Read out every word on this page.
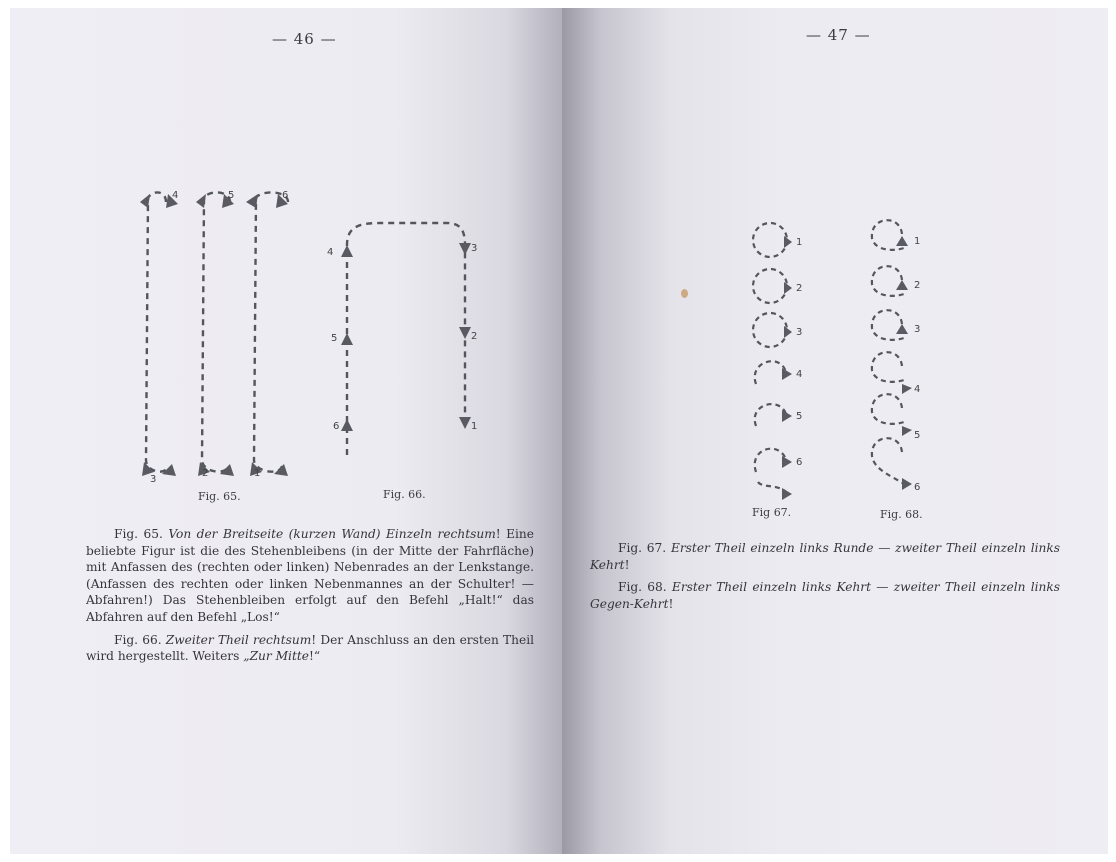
— 46 —
4	5	6
3
2	1
Fig. 65.
4	3
5	2
6	1
Fig. 66.

Fig. 65. Von der Breitseite (kurzen Wand) Einzeln rechtsum! Eine beliebte Figur ist die des Stehenbleibens (in der Mitte der Fahrfläche) mit Anfassen des (rechten oder linken) Nebenrades an der Lenkstange. (Anfassen des rechten oder linken Nebenmannes an der Schulter! — Abfahren!) Das Stehenbleiben erfolgt auf den Befehl „Halt!“ das Abfahren auf den Befehl „Los!“

Fig. 66. Zweiter Theil rechtsum! Der Anschluss an den ersten Theil wird hergestellt. Weiters „Zur Mitte!“

— 47 —
1
2
3
4
5
6
Fig 67.
1
2
3
4
5
6
Fig. 68.

Fig. 67. Erster Theil einzeln links Runde — zweiter Theil einzeln links Kehrt!

Fig. 68. Erster Theil einzeln links Kehrt — zweiter Theil einzeln links Gegen-Kehrt!
